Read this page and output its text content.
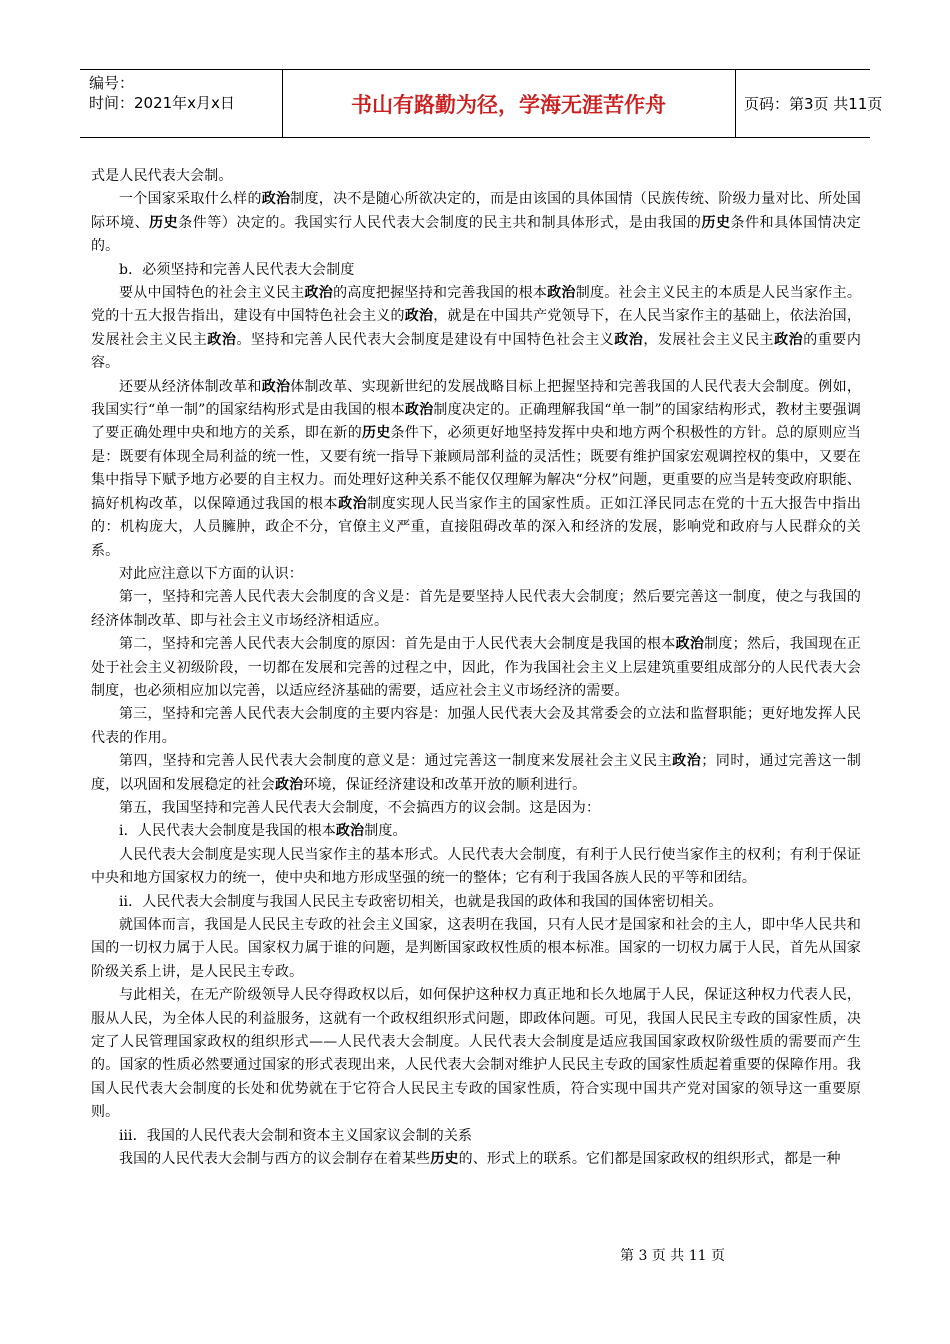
编号：
时间：2021年x月x日	书山有路勤为径，学海无涯苦作舟	页码：第3页 共11页

式是人民代表大会制。

一个国家采取什么样的政治制度，决不是随心所欲决定的，而是由该国的具体国情（民族传统、阶级力量对比、所处国际环境、历史条件等）决定的。我国实行人民代表大会制度的民主共和制具体形式，是由我国的历史条件和具体国情决定的。

b．必须坚持和完善人民代表大会制度

要从中国特色的社会主义民主政治的高度把握坚持和完善我国的根本政治制度。社会主义民主的本质是人民当家作主。党的十五大报告指出，建设有中国特色社会主义的政治，就是在中国共产党领导下，在人民当家作主的基础上，依法治国，发展社会主义民主政治。坚持和完善人民代表大会制度是建设有中国特色社会主义政治，发展社会主义民主政治的重要内容。

还要从经济体制改革和政治体制改革、实现新世纪的发展战略目标上把握坚持和完善我国的人民代表大会制度。例如，我国实行“单一制”的国家结构形式是由我国的根本政治制度决定的。正确理解我国“单一制”的国家结构形式，教材主要强调了要正确处理中央和地方的关系，即在新的历史条件下，必须更好地坚持发挥中央和地方两个积极性的方针。总的原则应当是：既要有体现全局利益的统一性，又要有统一指导下兼顾局部利益的灵活性；既要有维护国家宏观调控权的集中，又要在集中指导下赋予地方必要的自主权力。而处理好这种关系不能仅仅理解为解决“分权”问题，更重要的应当是转变政府职能、搞好机构改革，以保障通过我国的根本政治制度实现人民当家作主的国家性质。正如江泽民同志在党的十五大报告中指出的：机构庞大，人员臃肿，政企不分，官僚主义严重，直接阻碍改革的深入和经济的发展，影响党和政府与人民群众的关系。

对此应注意以下方面的认识：

第一，坚持和完善人民代表大会制度的含义是：首先是要坚持人民代表大会制度；然后要完善这一制度，使之与我国的经济体制改革、即与社会主义市场经济相适应。

第二，坚持和完善人民代表大会制度的原因：首先是由于人民代表大会制度是我国的根本政治制度；然后，我国现在正处于社会主义初级阶段，一切都在发展和完善的过程之中，因此，作为我国社会主义上层建筑重要组成部分的人民代表大会制度，也必须相应加以完善，以适应经济基础的需要，适应社会主义市场经济的需要。

第三，坚持和完善人民代表大会制度的主要内容是：加强人民代表大会及其常委会的立法和监督职能；更好地发挥人民代表的作用。

第四，坚持和完善人民代表大会制度的意义是：通过完善这一制度来发展社会主义民主政治；同时，通过完善这一制度，以巩固和发展稳定的社会政治环境，保证经济建设和改革开放的顺利进行。

第五，我国坚持和完善人民代表大会制度，不会搞西方的议会制。这是因为：

ⅰ．人民代表大会制度是我国的根本政治制度。

人民代表大会制度是实现人民当家作主的基本形式。人民代表大会制度，有利于人民行使当家作主的权利；有利于保证中央和地方国家权力的统一，使中央和地方形成坚强的统一的整体；它有利于我国各族人民的平等和团结。

ⅱ．人民代表大会制度与我国人民民主专政密切相关，也就是我国的政体和我国的国体密切相关。

就国体而言，我国是人民民主专政的社会主义国家，这表明在我国，只有人民才是国家和社会的主人，即中华人民共和国的一切权力属于人民。国家权力属于谁的问题，是判断国家政权性质的根本标准。国家的一切权力属于人民，首先从国家阶级关系上讲，是人民民主专政。

与此相关，在无产阶级领导人民夺得政权以后，如何保护这种权力真正地和长久地属于人民，保证这种权力代表人民，服从人民，为全体人民的利益服务，这就有一个政权组织形式问题，即政体问题。可见，我国人民民主专政的国家性质，决定了人民管理国家政权的组织形式——人民代表大会制度。人民代表大会制度是适应我国国家政权阶级性质的需要而产生的。国家的性质必然要通过国家的形式表现出来，人民代表大会制对维护人民民主专政的国家性质起着重要的保障作用。我国人民代表大会制度的长处和优势就在于它符合人民民主专政的国家性质，符合实现中国共产党对国家的领导这一重要原则。

ⅲ．我国的人民代表大会制和资本主义国家议会制的关系

我国的人民代表大会制与西方的议会制存在着某些历史的、形式上的联系。它们都是国家政权的组织形式，都是一种

第 3 页 共 11 页
